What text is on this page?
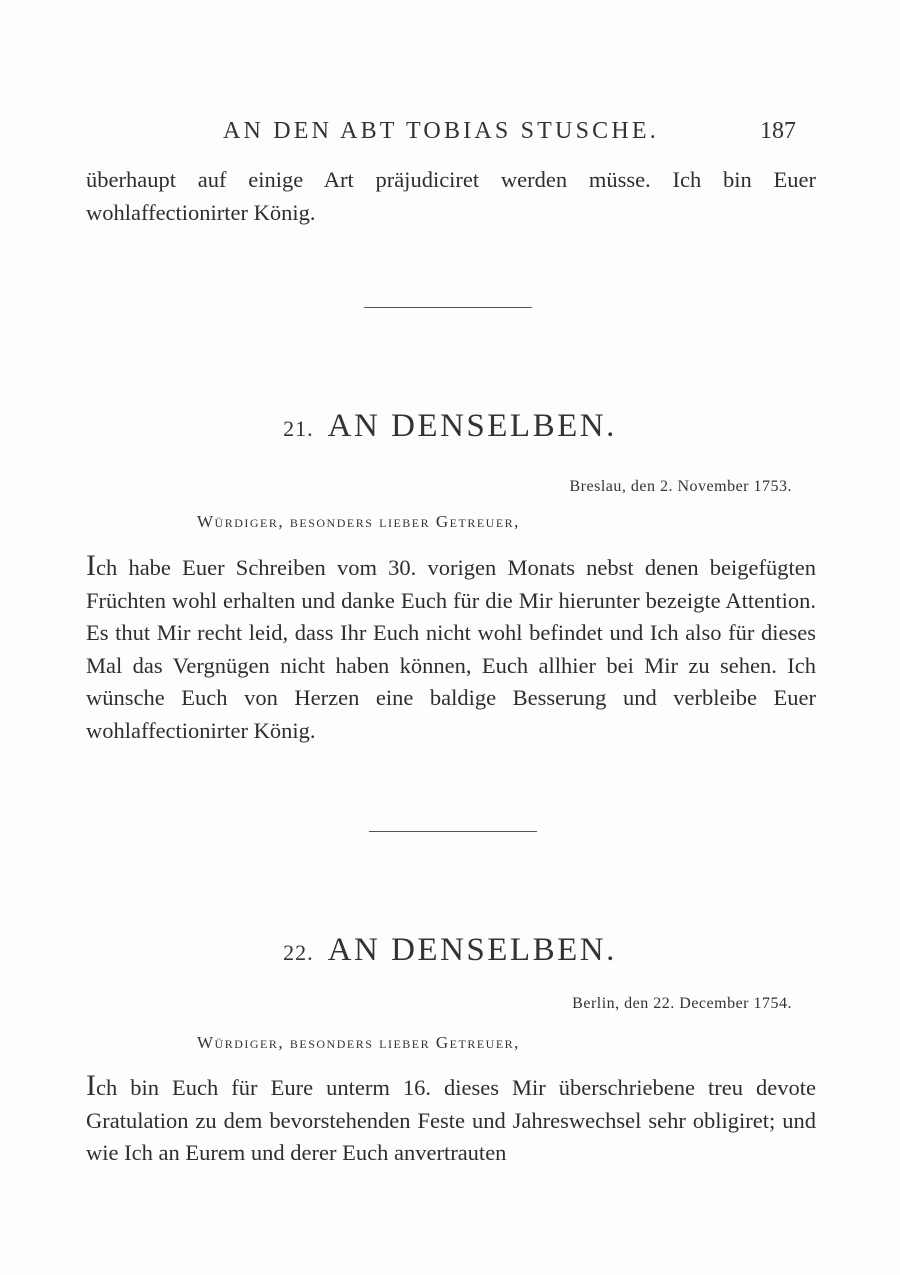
AN DEN ABT TOBIAS STUSCHE.	187

überhaupt auf einige Art präjudiciret werden müsse. Ich bin Euer wohlaffectionirter König.

21. AN DENSELBEN.
Breslau, den 2. November 1753.
Würdiger, besonders lieber Getreuer,

Ich habe Euer Schreiben vom 30. vorigen Monats nebst denen beigefügten Früchten wohl erhalten und danke Euch für die Mir hierunter bezeigte Attention. Es thut Mir recht leid, dass Ihr Euch nicht wohl befindet und Ich also für dieses Mal das Vergnügen nicht haben können, Euch allhier bei Mir zu sehen. Ich wünsche Euch von Herzen eine baldige Besserung und verbleibe Euer wohlaffectionirter König.

22. AN DENSELBEN.
Berlin, den 22. December 1754.
Würdiger, besonders lieber Getreuer,

Ich bin Euch für Eure unterm 16. dieses Mir überschriebene treu devote Gratulation zu dem bevorstehenden Feste und Jahreswechsel sehr obligiret; und wie Ich an Eurem und derer Euch anvertrauten
